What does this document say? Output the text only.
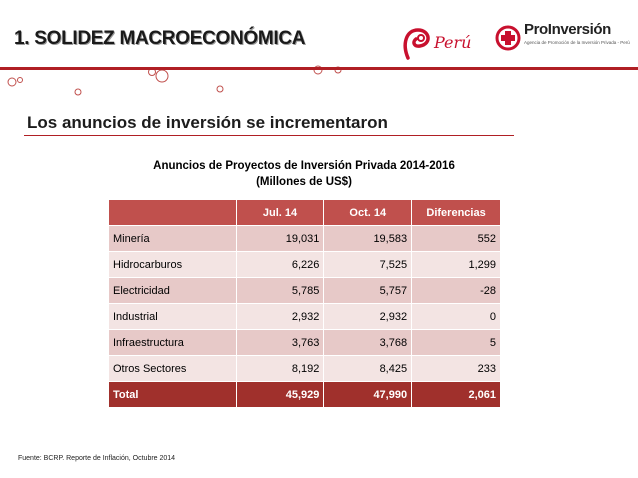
1. SOLIDEZ MACROECONÓMICA	Perú
ProInversión
Agencia de Promoción de la Inversión Privada - Perú
Los anuncios de inversión se incrementaron
Anuncios de Proyectos de Inversión Privada 2014-2016
(Millones de US$)
	Jul. 14	Oct. 14	Diferencias
Minería	19,031	19,583	552
Hidrocarburos	6,226	7,525	1,299
Electricidad	5,785	5,757	-28
Industrial	2,932	2,932	0
Infraestructura	3,763	3,768	5
Otros Sectores	8,192	8,425	233
Total	45,929	47,990	2,061
Fuente: BCRP. Reporte de Inflación, Octubre 2014
